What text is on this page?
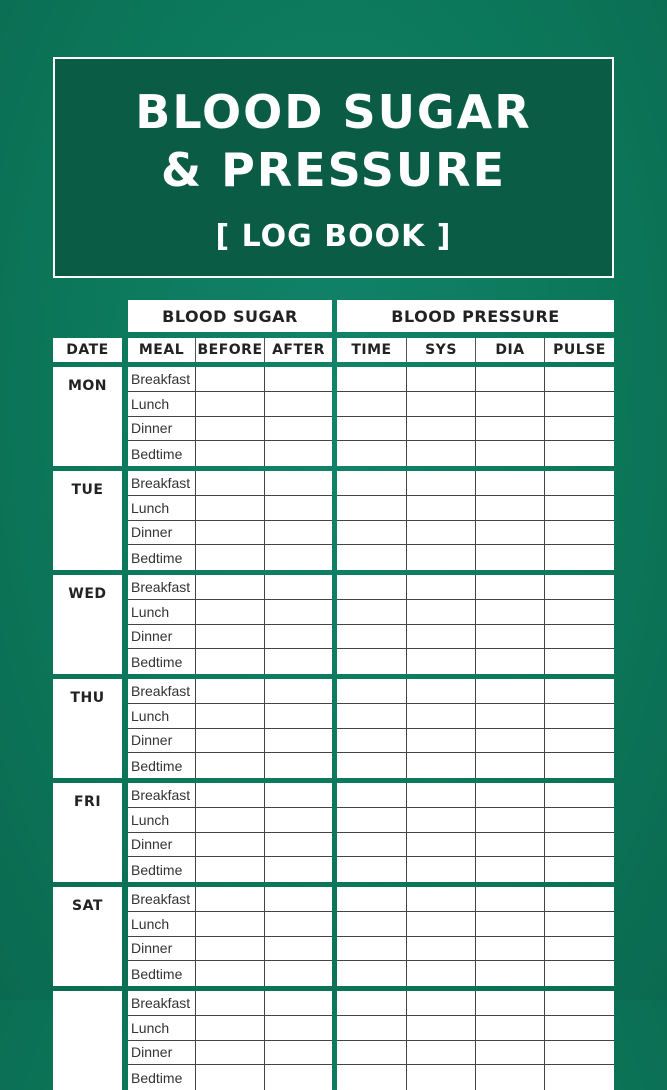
BLOOD SUGAR
& PRESSURE
[ LOG BOOK ]
BLOOD SUGAR	BLOOD PRESSURE
DATE	MEAL BEFORE AFTER	TIME	SYS	DIA	PULSE
MON	Breakfast
Lunch
Dinner
Bedtime
TUE	Breakfast
Lunch
Dinner
Bedtime
WED	Breakfast
Lunch
Dinner
Bedtime
THU	Breakfast
Lunch
Dinner
Bedtime
FRI	Breakfast
Lunch
Dinner
Bedtime
SAT	Breakfast
Lunch
Dinner
Bedtime
Breakfast
Lunch
Dinner
Bedtime
